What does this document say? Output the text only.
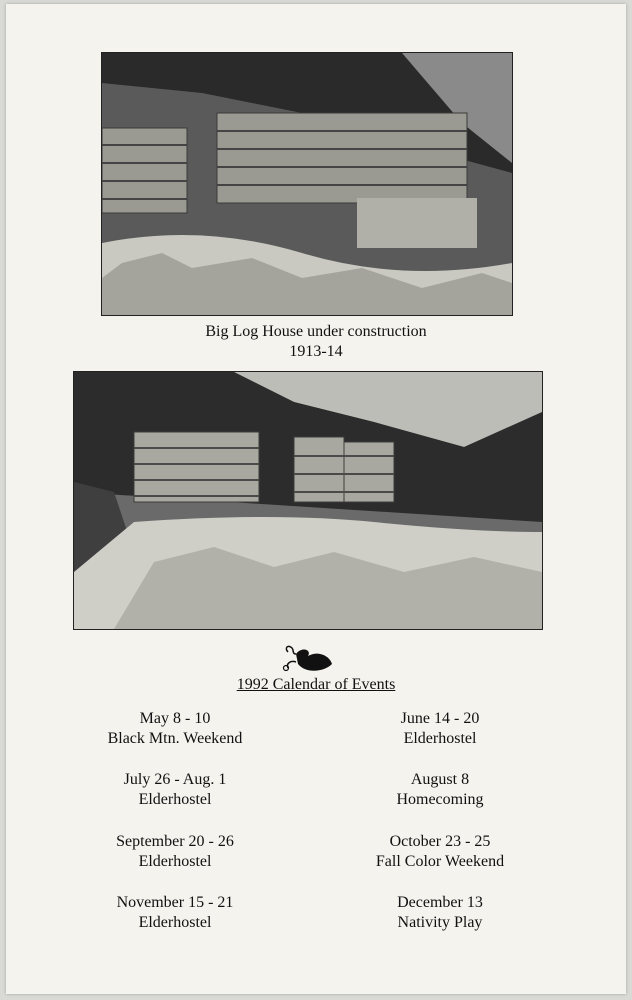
Big Log House under construction
1913-14
1992 Calendar of Events
May 8 - 10
Black Mtn. Weekend
June 14 - 20
Elderhostel
July 26 - Aug. 1
Elderhostel
August 8
Homecoming
September 20 - 26
Elderhostel
October 23 - 25
Fall Color Weekend
November 15 - 21
Elderhostel
December 13
Nativity Play
